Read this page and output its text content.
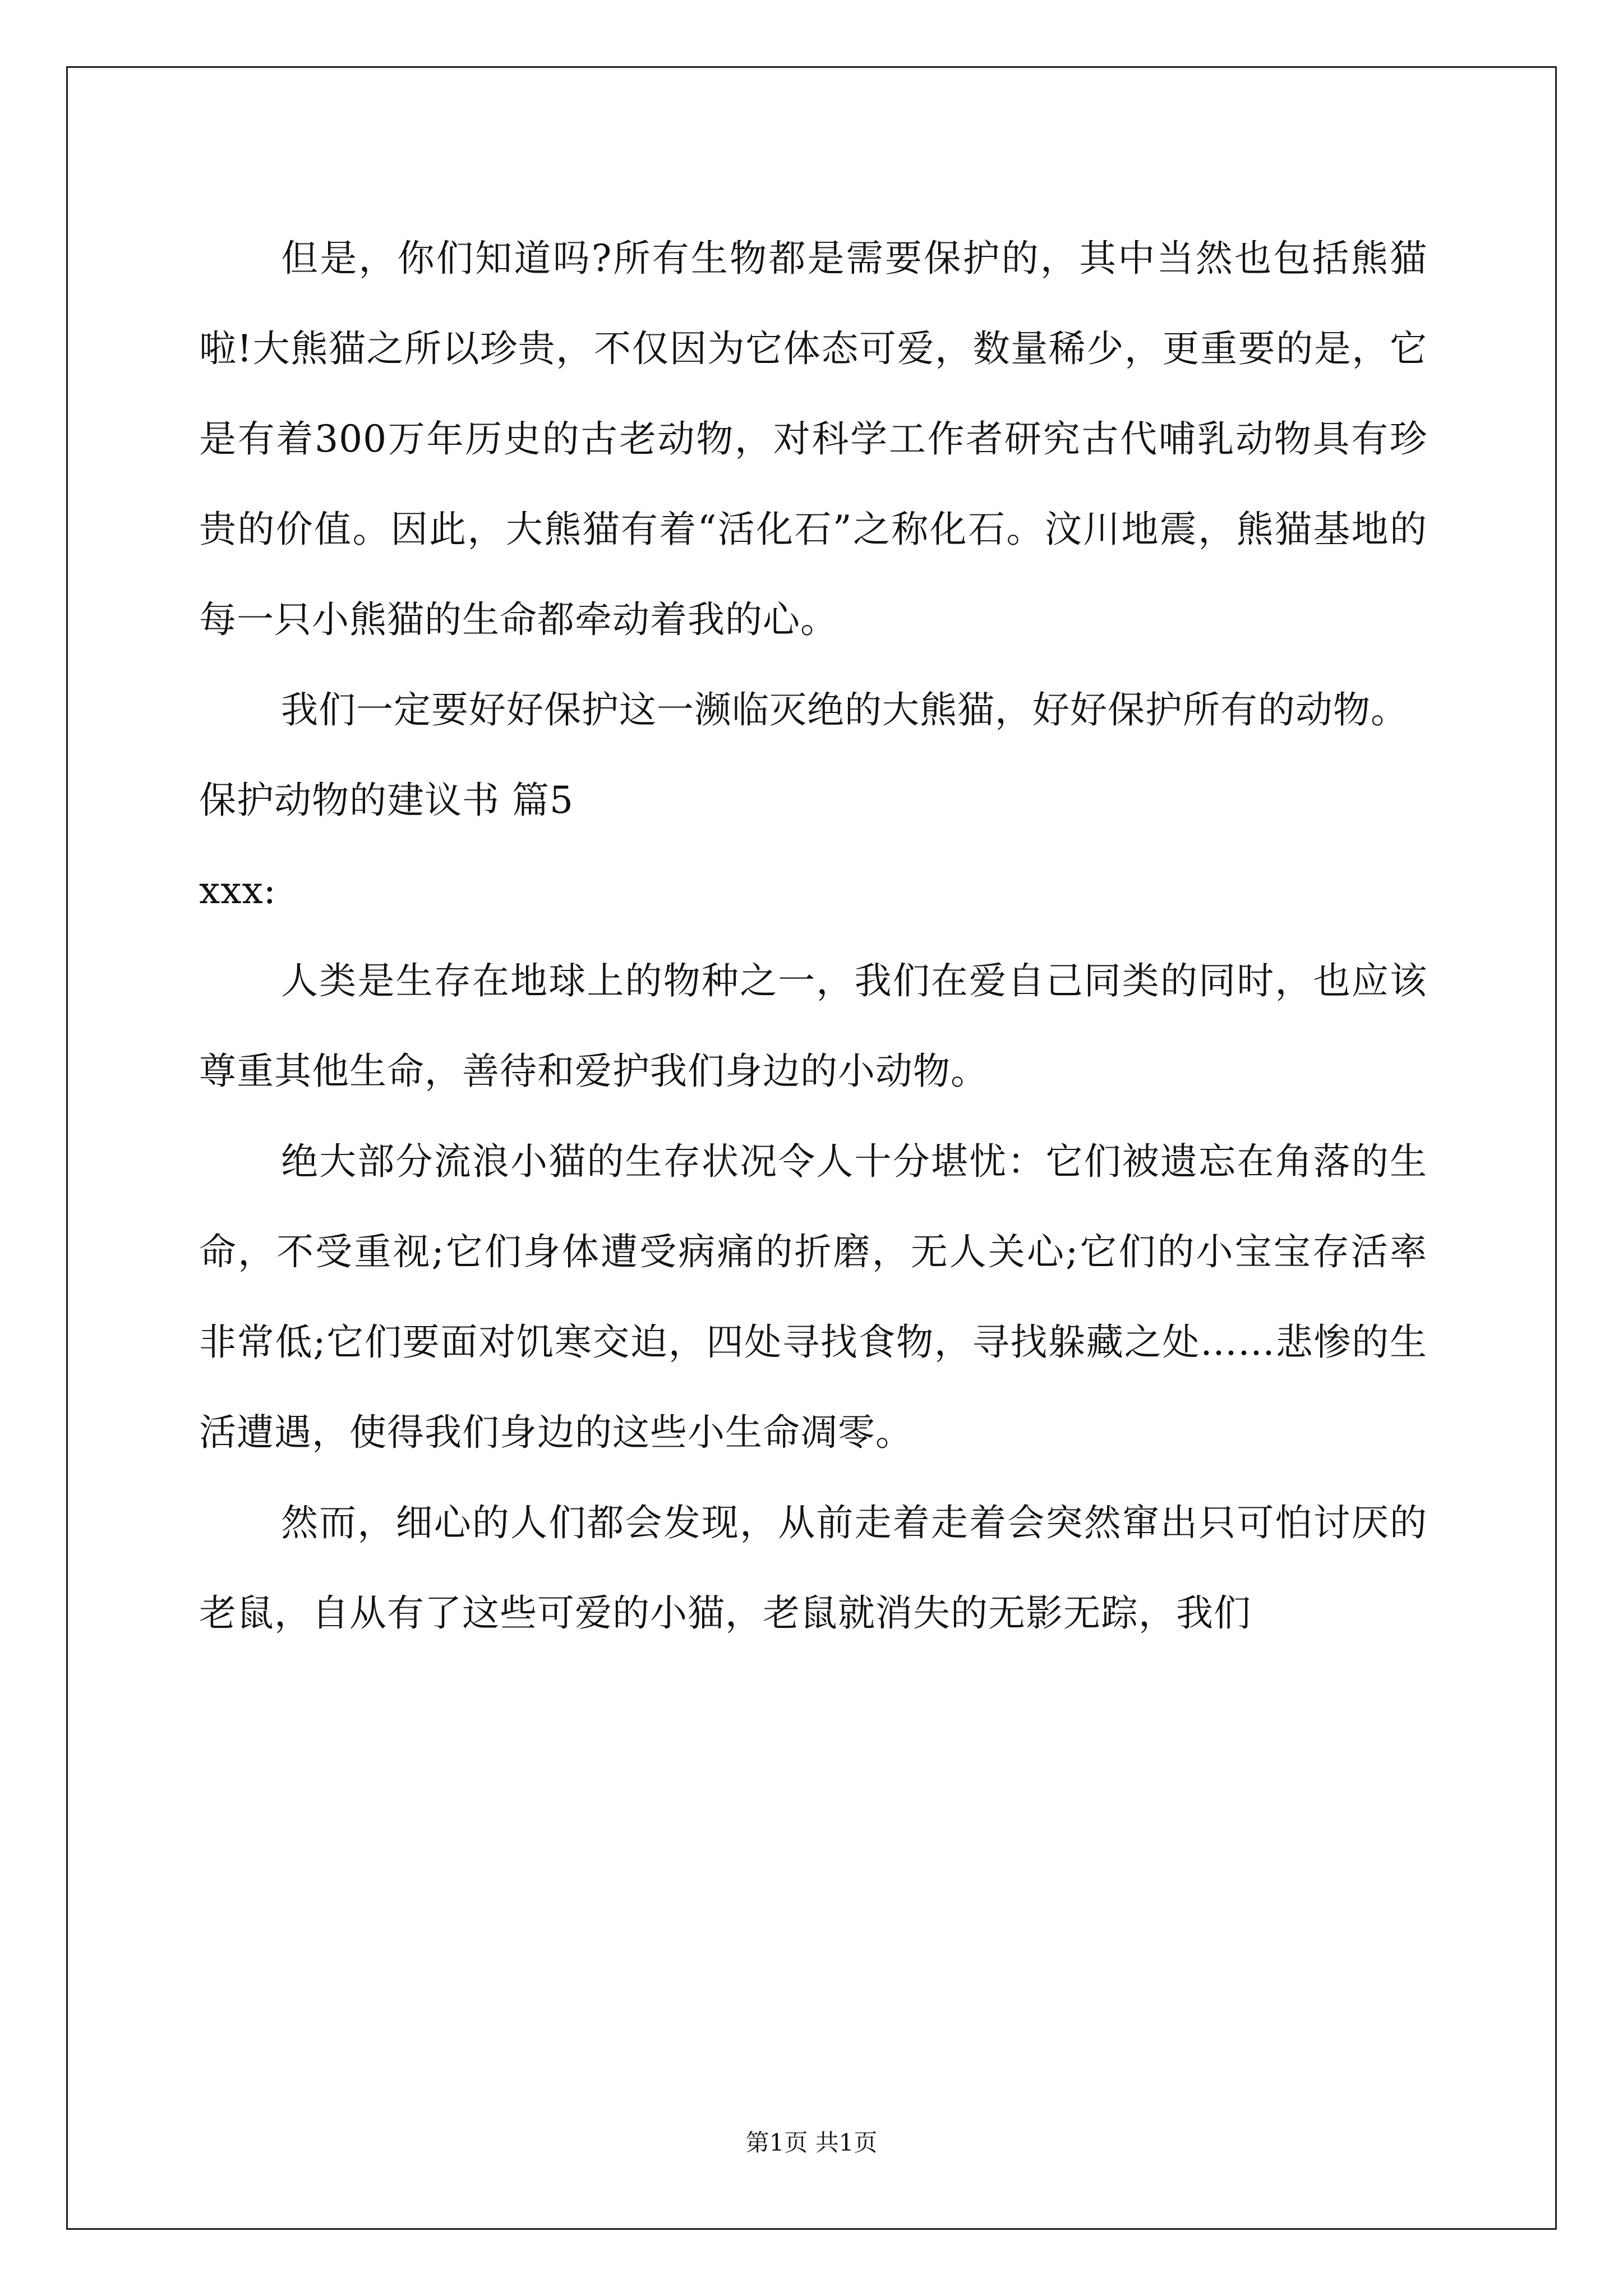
但是，你们知道吗?所有生物都是需要保护的，其中当然也包括熊猫啦!大熊猫之所以珍贵，不仅因为它体态可爱，数量稀少，更重要的是，它是有着300万年历史的古老动物，对科学工作者研究古代哺乳动物具有珍贵的价值。因此，大熊猫有着“活化石”之称化石。汶川地震，熊猫基地的每一只小熊猫的生命都牵动着我的心。

我们一定要好好保护这一濒临灭绝的大熊猫，好好保护所有的动物。

保护动物的建议书 篇5

xxx:

人类是生存在地球上的物种之一，我们在爱自己同类的同时，也应该尊重其他生命，善待和爱护我们身边的小动物。

绝大部分流浪小猫的生存状况令人十分堪忧：它们被遗忘在角落的生命，不受重视;它们身体遭受病痛的折磨，无人关心;它们的小宝宝存活率非常低;它们要面对饥寒交迫，四处寻找食物，寻找躲藏之处……悲惨的生活遭遇，使得我们身边的这些小生命凋零。

然而，细心的人们都会发现，从前走着走着会突然窜出只可怕讨厌的老鼠，自从有了这些可爱的小猫，老鼠就消失的无影无踪，我们

第1页 共1页
